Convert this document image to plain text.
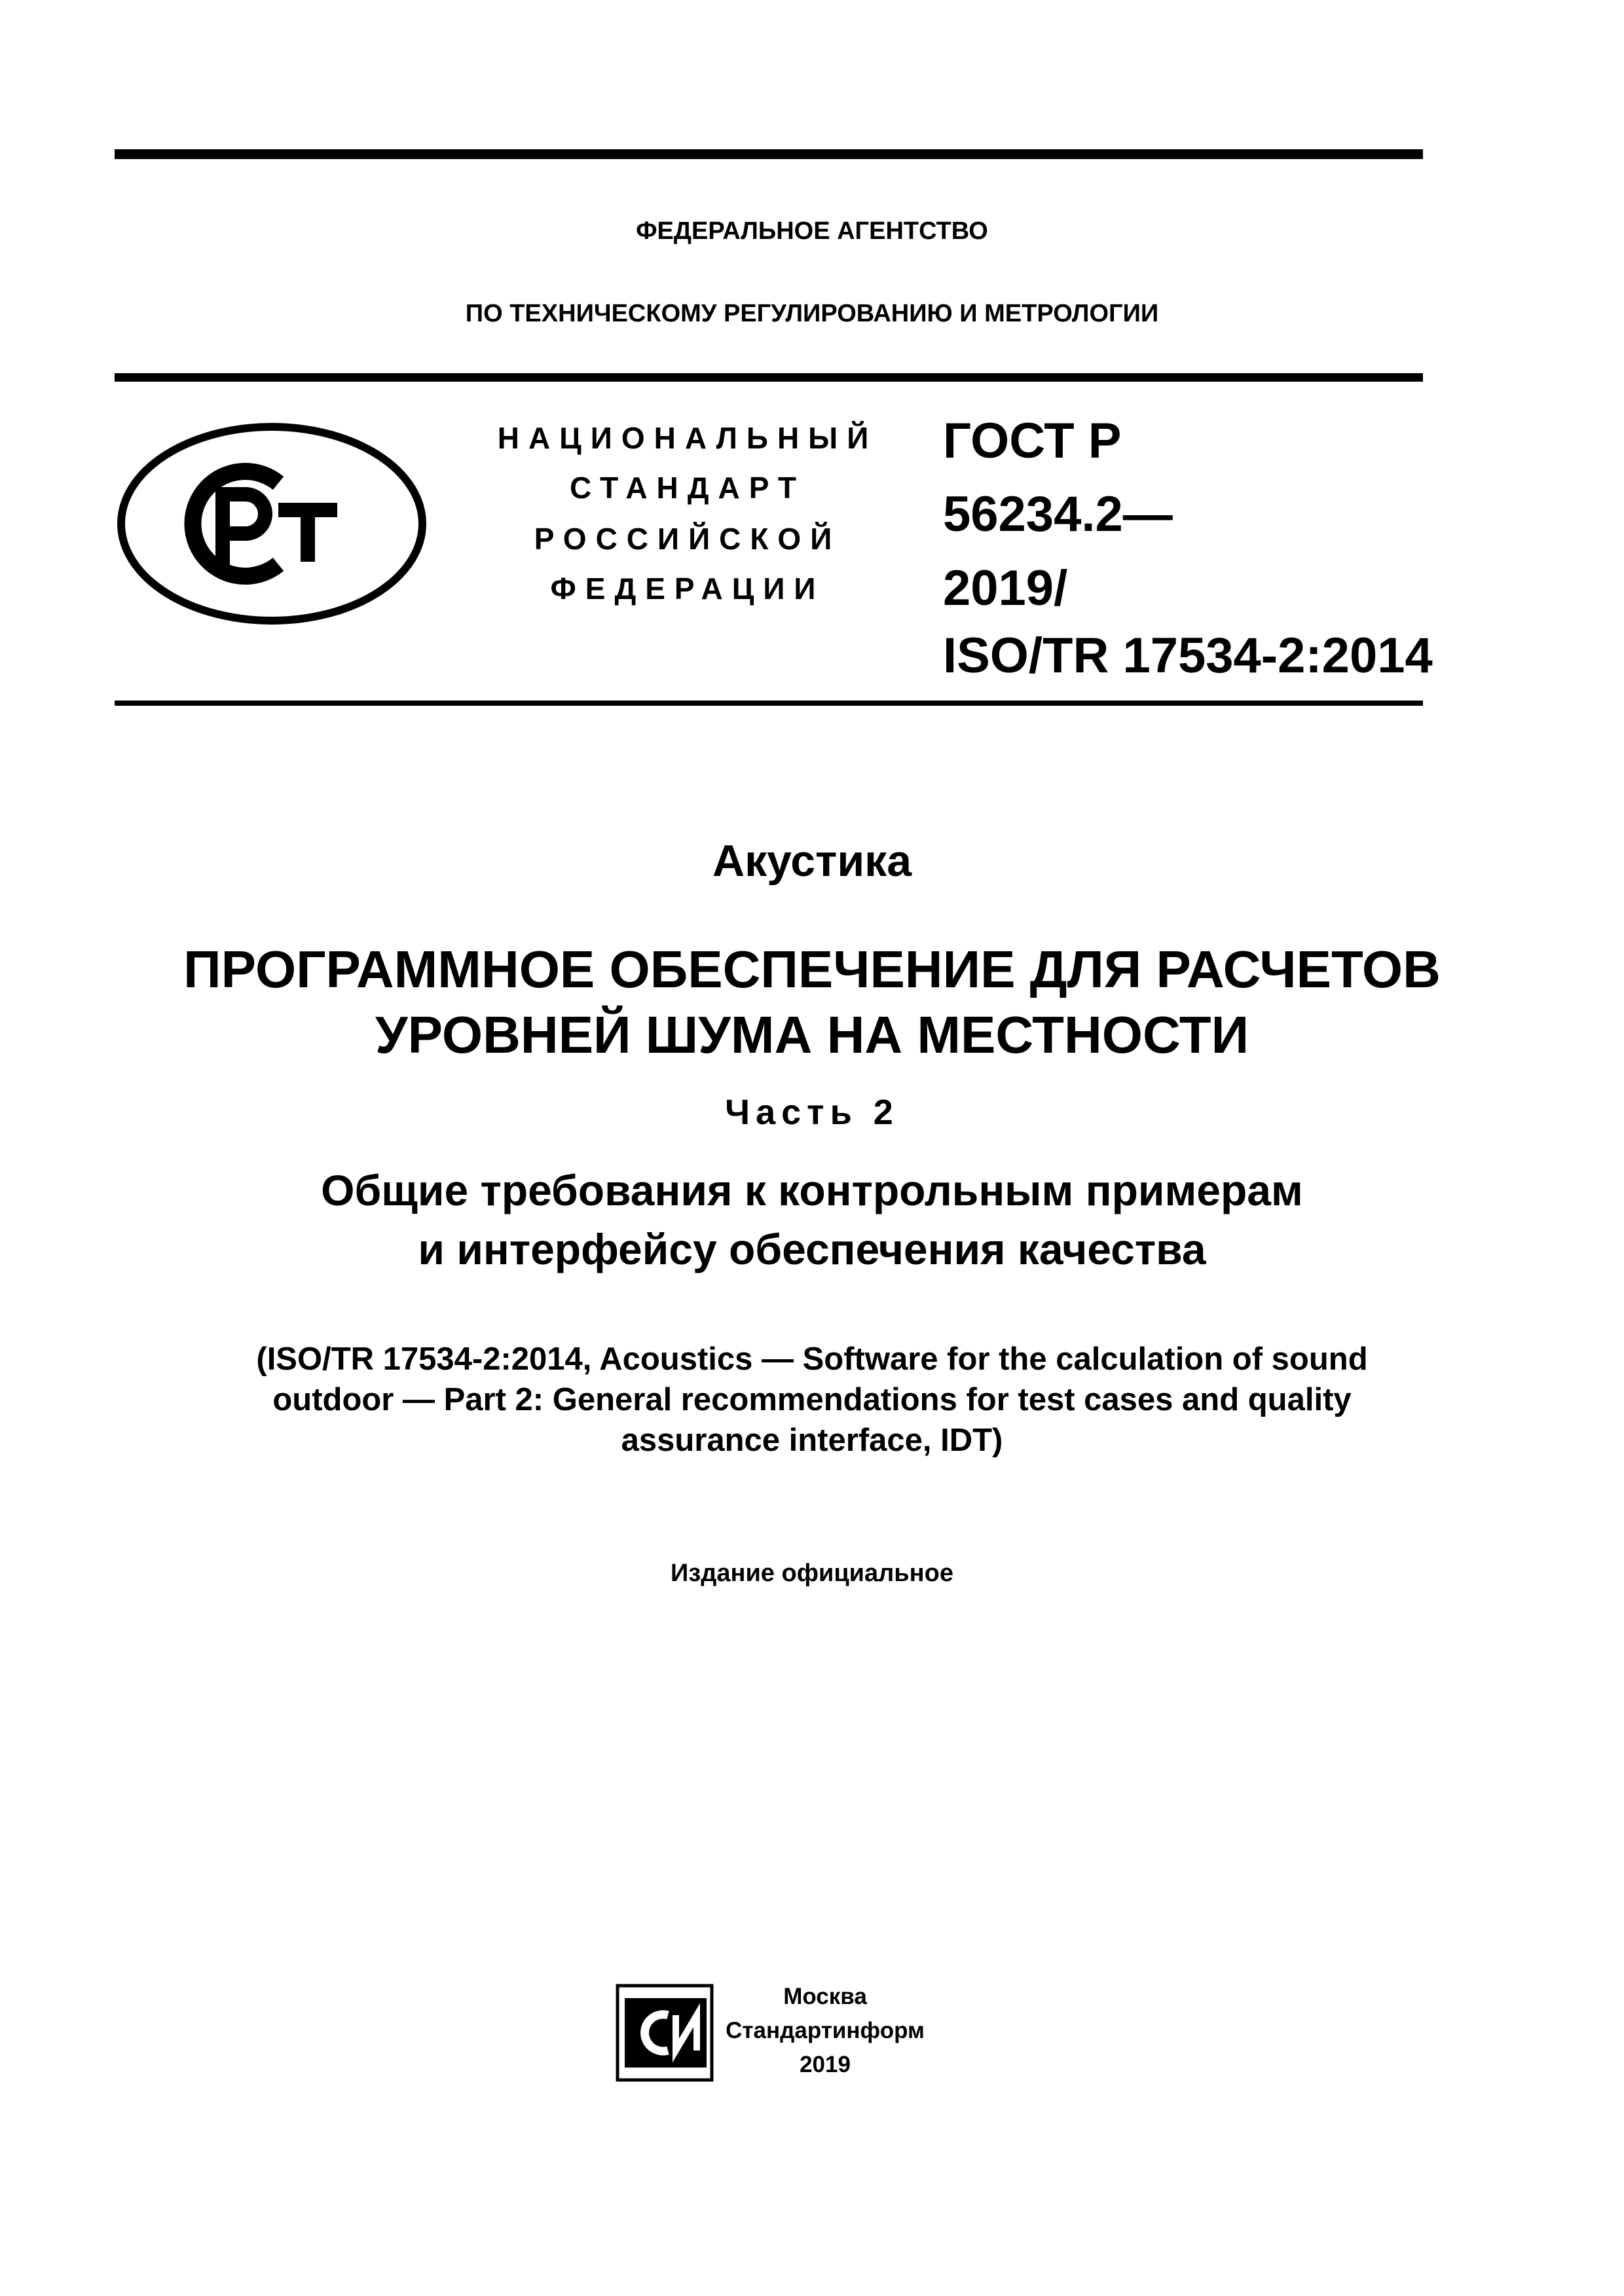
ФЕДЕРАЛЬНОЕ АГЕНТСТВО
ПО ТЕХНИЧЕСКОМУ РЕГУЛИРОВАНИЮ И МЕТРОЛОГИИ
НАЦИОНАЛЬНЫЙ
СТАНДАРТ
РОССИЙСКОЙ
ФЕДЕРАЦИИ
ГОСТ Р
56234.2—
2019/
ISO/TR 17534-2:2014
Акустика
ПРОГРАММНОЕ ОБЕСПЕЧЕНИЕ ДЛЯ РАСЧЕТОВ
УРОВНЕЙ ШУМА НА МЕСТНОСТИ
Часть 2
Общие требования к контрольным примерам
и интерфейсу обеспечения качества
(ISO/TR 17534-2:2014, Acoustics — Software for the calculation of sound
outdoor — Part 2: General recommendations for test cases and quality
assurance interface, IDT)
Издание официальное
Москва
Стандартинформ
2019
